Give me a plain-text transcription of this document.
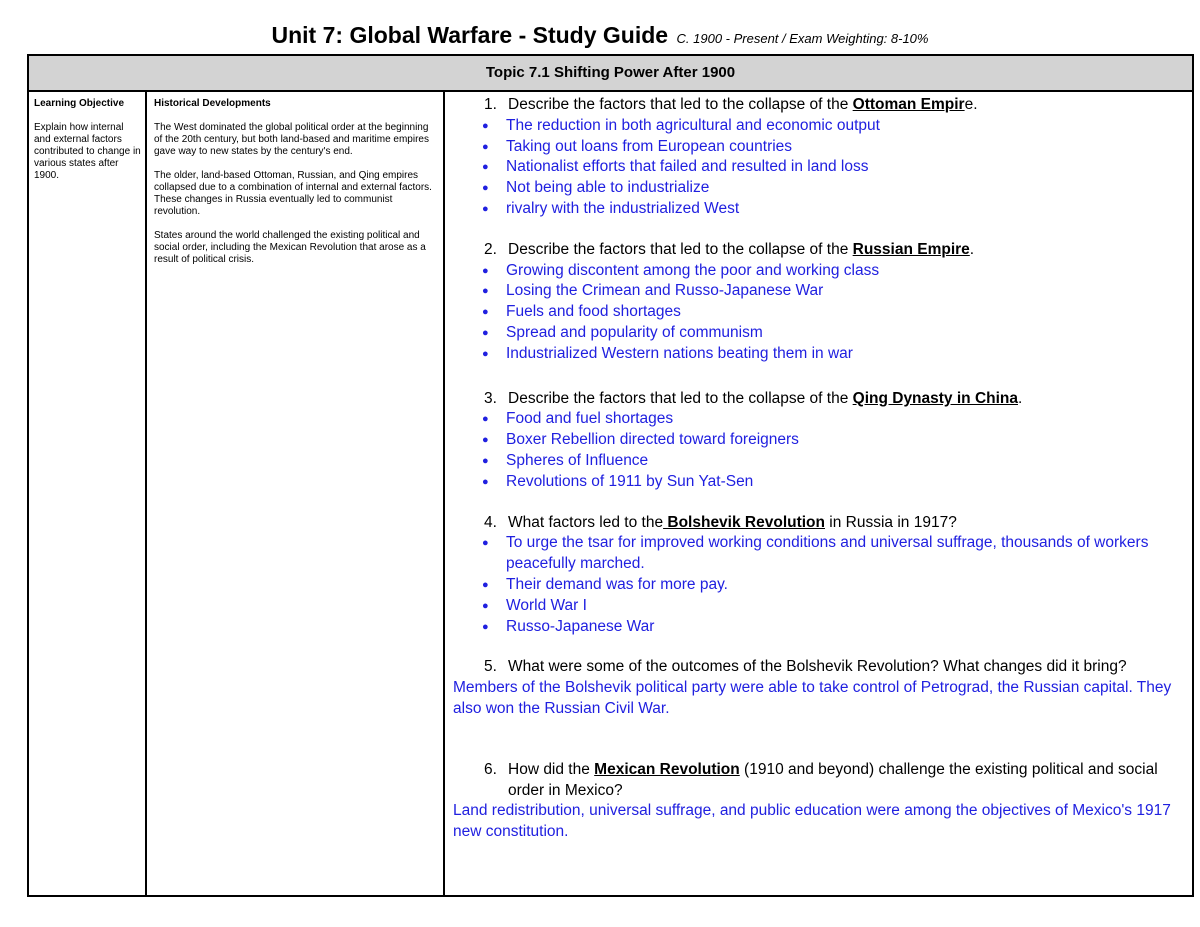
Unit 7: Global Warfare - Study Guide C. 1900 - Present / Exam Weighting: 8-10%
Topic 7.1 Shifting Power After 1900
Learning Objective
Explain how internal and external factors contributed to change in various states after 1900.
Historical Developments
The West dominated the global political order at the beginning of the 20th century, but both land-based and maritime empires gave way to new states by the century's end.
The older, land-based Ottoman, Russian, and Qing empires collapsed due to a combination of internal and external factors. These changes in Russia eventually led to communist revolution.
States around the world challenged the existing political and social order, including the Mexican Revolution that arose as a result of political crisis.
1. Describe the factors that led to the collapse of the Ottoman Empire.
● The reduction in both agricultural and economic output
● Taking out loans from European countries
● Nationalist efforts that failed and resulted in land loss
● Not being able to industrialize
● rivalry with the industrialized West
2. Describe the factors that led to the collapse of the Russian Empire.
● Growing discontent among the poor and working class
● Losing the Crimean and Russo-Japanese War
● Fuels and food shortages
● Spread and popularity of communism
● Industrialized Western nations beating them in war
3. Describe the factors that led to the collapse of the Qing Dynasty in China.
● Food and fuel shortages
● Boxer Rebellion directed toward foreigners
● Spheres of Influence
● Revolutions of 1911 by Sun Yat-Sen
4. What factors led to the Bolshevik Revolution in Russia in 1917?
● To urge the tsar for improved working conditions and universal suffrage, thousands of workers peacefully marched.
● Their demand was for more pay.
● World War I
● Russo-Japanese War
5. What were some of the outcomes of the Bolshevik Revolution? What changes did it bring?
Members of the Bolshevik political party were able to take control of Petrograd, the Russian capital. They also won the Russian Civil War.
6. How did the Mexican Revolution (1910 and beyond) challenge the existing political and social order in Mexico?
Land redistribution, universal suffrage, and public education were among the objectives of Mexico's 1917 new constitution.
